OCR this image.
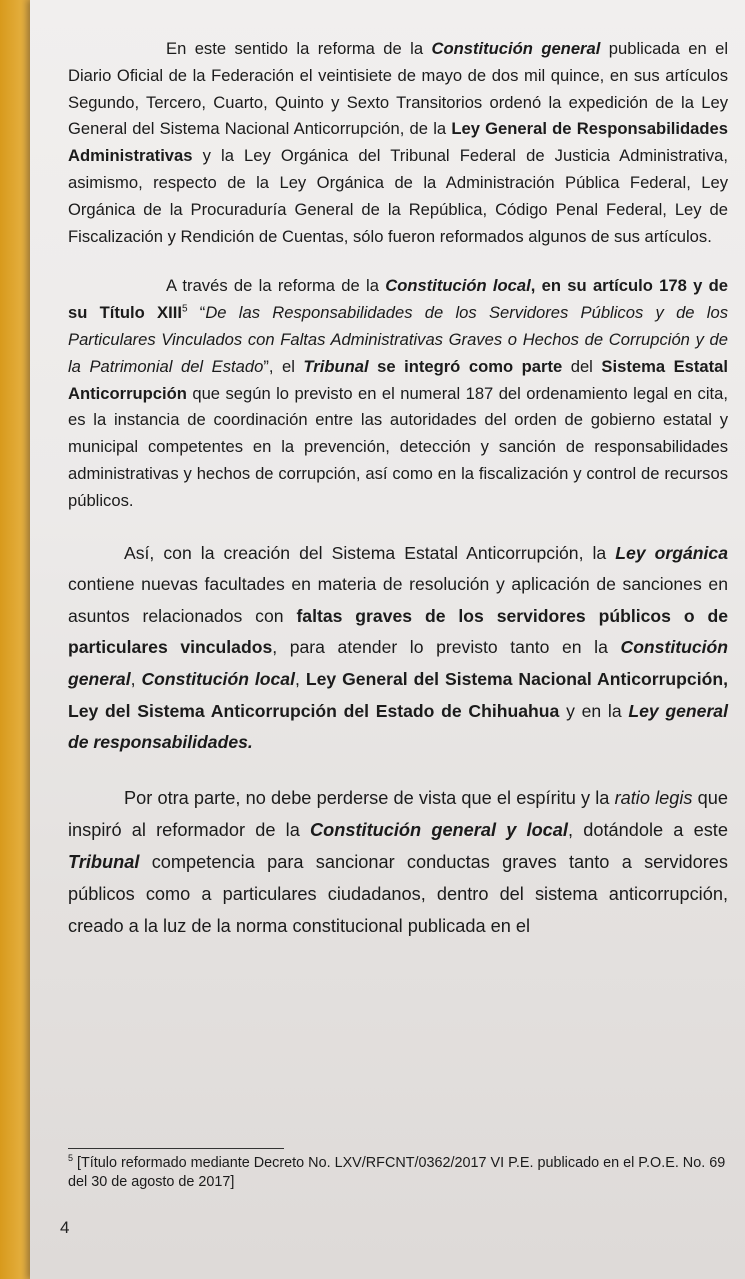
En este sentido la reforma de la Constitución general publicada en el Diario Oficial de la Federación el veintisiete de mayo de dos mil quince, en sus artículos Segundo, Tercero, Cuarto, Quinto y Sexto Transitorios ordenó la expedición de la Ley General del Sistema Nacional Anticorrupción, de la Ley General de Responsabilidades Administrativas y la Ley Orgánica del Tribunal Federal de Justicia Administrativa, asimismo, respecto de la Ley Orgánica de la Administración Pública Federal, Ley Orgánica de la Procuraduría General de la República, Código Penal Federal, Ley de Fiscalización y Rendición de Cuentas, sólo fueron reformados algunos de sus artículos.

A través de la reforma de la Constitución local, en su artículo 178 y de su Título XIII$^5$ “De las Responsabilidades de los Servidores Públicos y de los Particulares Vinculados con Faltas Administrativas Graves o Hechos de Corrupción y de la Patrimonial del Estado”, el Tribunal se integró como parte del Sistema Estatal Anticorrupción que según lo previsto en el numeral 187 del ordenamiento legal en cita, es la instancia de coordinación entre las autoridades del orden de gobierno estatal y municipal competentes en la prevención, detección y sanción de responsabilidades administrativas y hechos de corrupción, así como en la fiscalización y control de recursos públicos.

Así, con la creación del Sistema Estatal Anticorrupción, la Ley orgánica contiene nuevas facultades en materia de resolución y aplicación de sanciones en asuntos relacionados con faltas graves de los servidores públicos o de particulares vinculados, para atender lo previsto tanto en la Constitución general, Constitución local, Ley General del Sistema Nacional Anticorrupción, Ley del Sistema Anticorrupción del Estado de Chihuahua y en la Ley general de responsabilidades.

Por otra parte, no debe perderse de vista que el espíritu y la ratio legis que inspiró al reformador de la Constitución general y local, dotándole a este Tribunal competencia para sancionar conductas graves tanto a servidores públicos como a particulares ciudadanos, dentro del sistema anticorrupción, creado a la luz de la norma constitucional publicada en el

$^5$ [Título reformado mediante Decreto No. LXV/RFCNT/0362/2017 VI P.E. publicado en el P.O.E. No. 69 del 30 de agosto de 2017]
4
